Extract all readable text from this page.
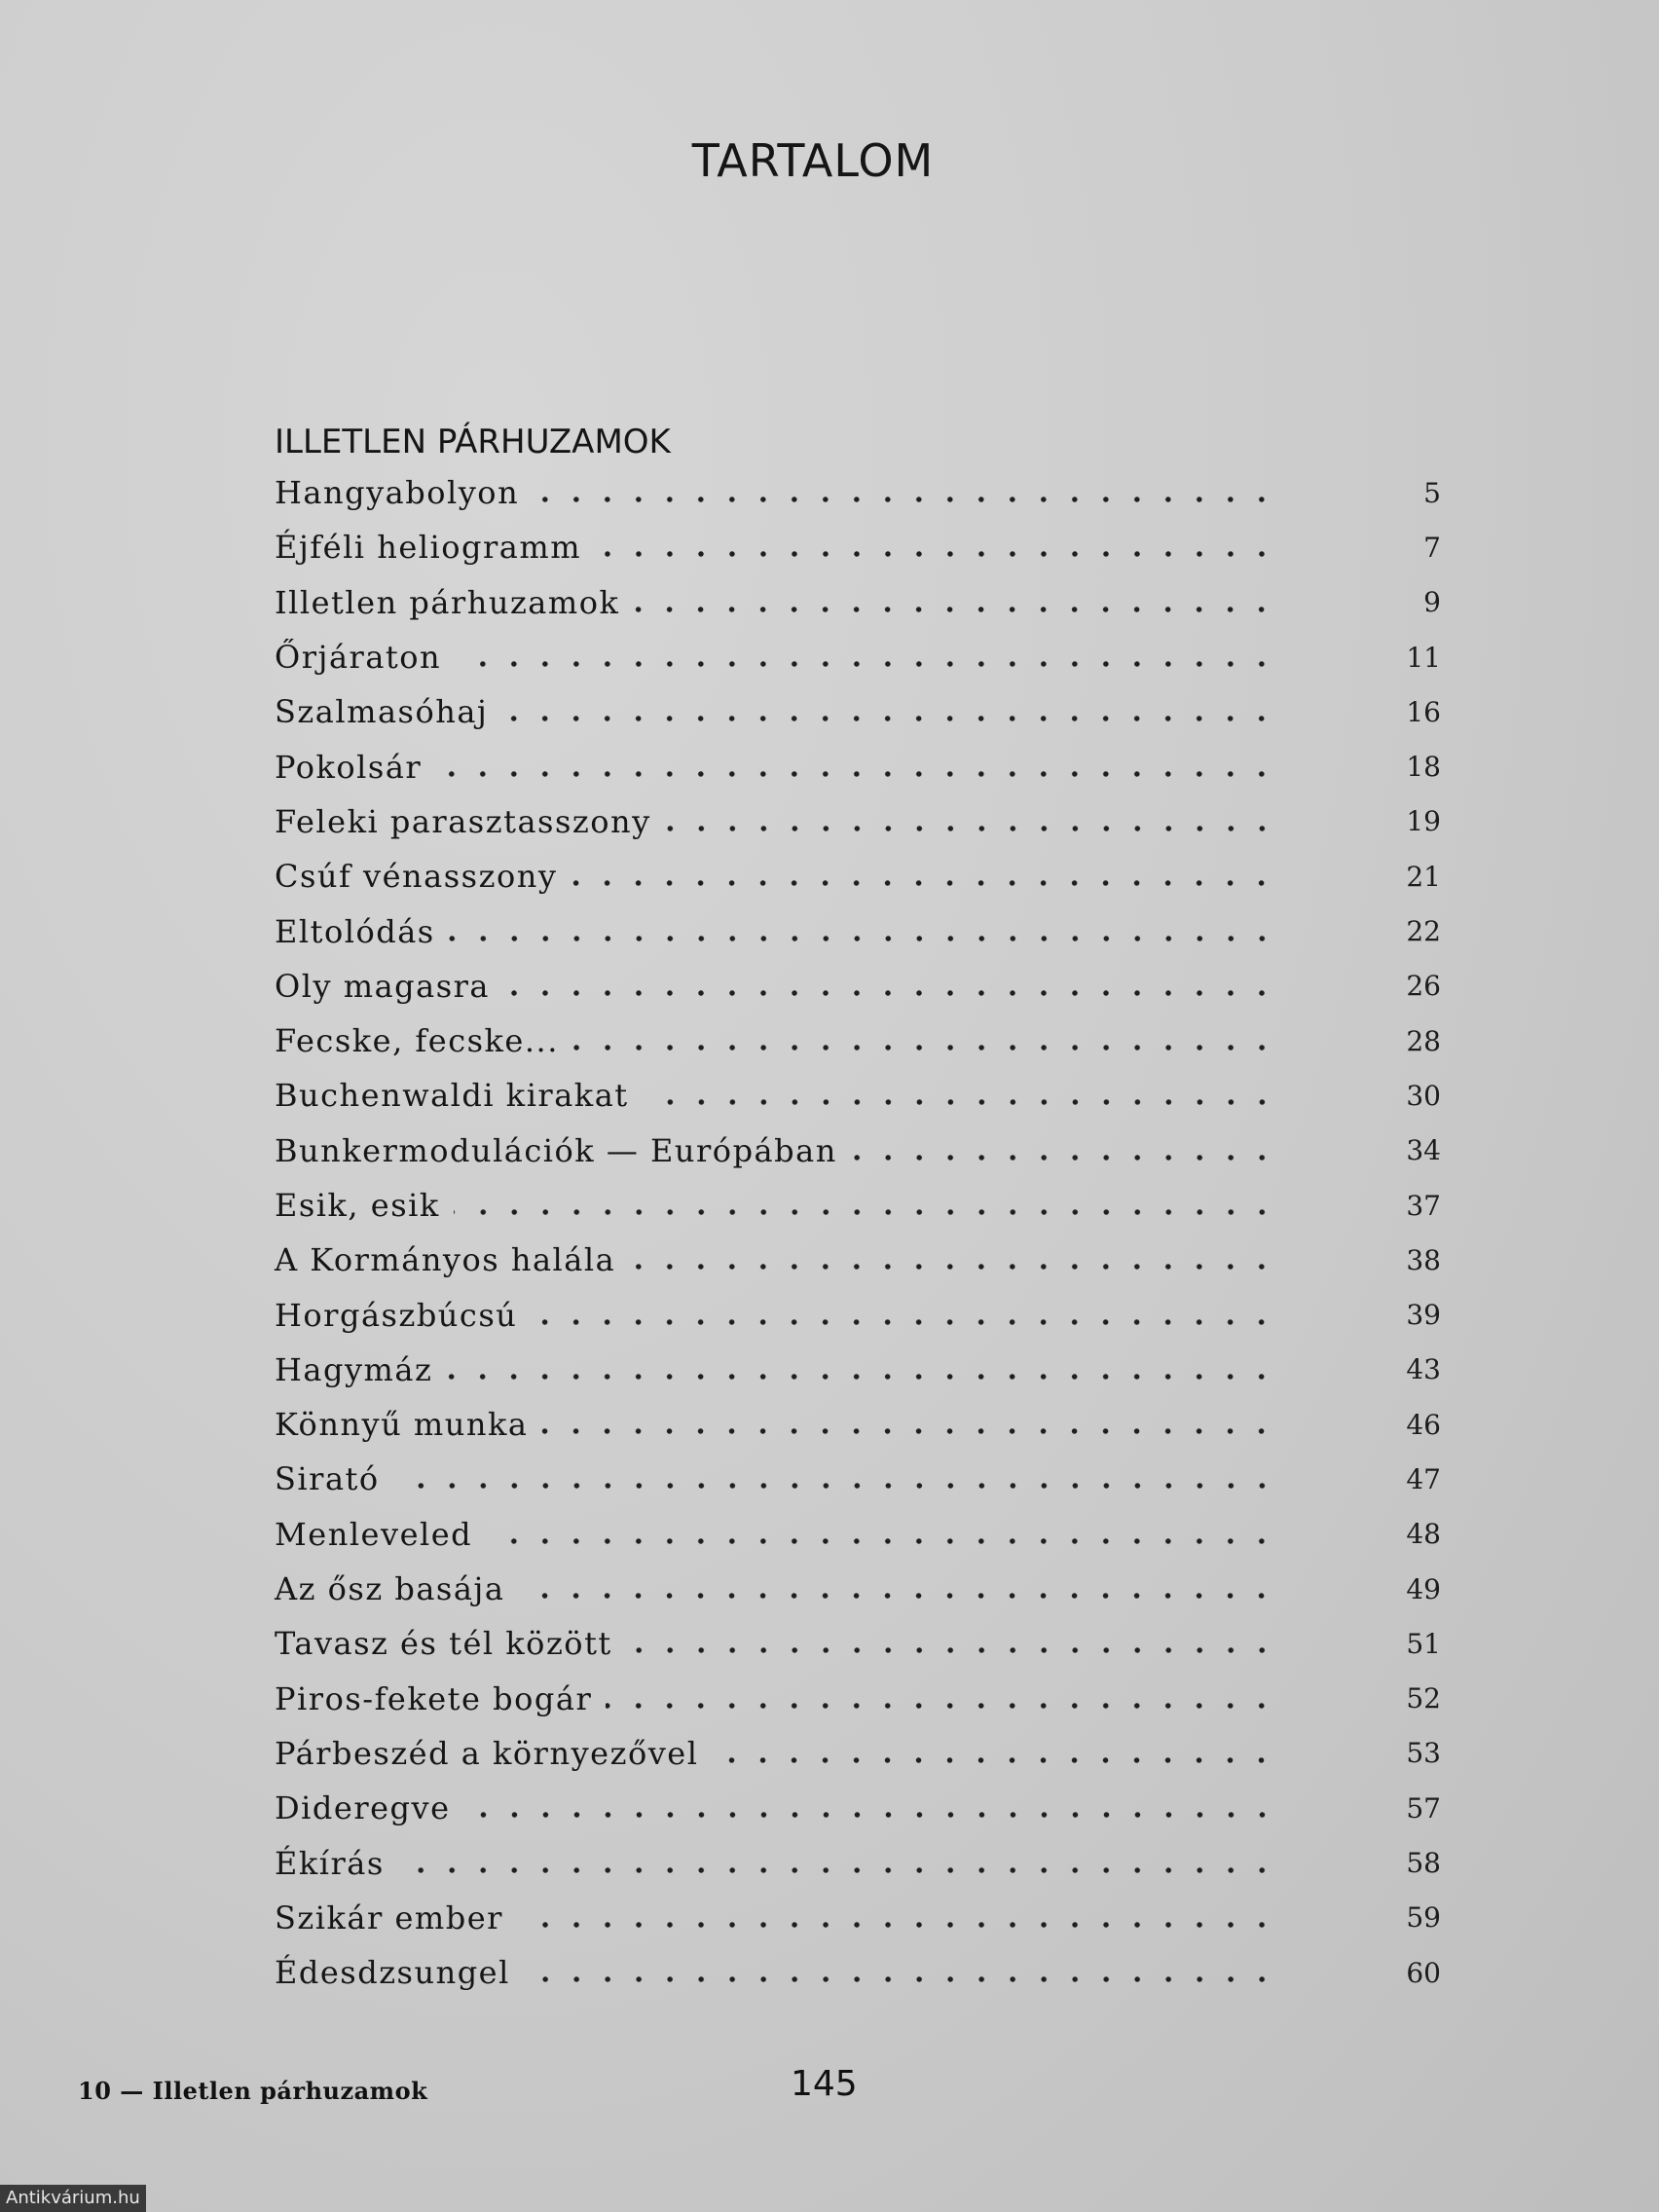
TARTALOM
ILLETLEN PÁRHUZAMOK
Hangyabolyon	5
Éjféli heliogramm	7
Illetlen párhuzamok	9
Őrjáraton	11
Szalmasóhaj	16
Pokolsár	18
Feleki parasztasszony	19
Csúf vénasszony	21
Eltolódás	22
Oly magasra	26
Fecske, fecske...	28
Buchenwaldi kirakat	30
Bunkermodulációk — Európában	34
Esik, esik	37
A Kormányos halála	38
Horgászbúcsú	39
Hagymáz	43
Könnyű munka	46
Sirató	47
Menleveled	48
Az ősz basája	49
Tavasz és tél között	51
Piros-fekete bogár	52
Párbeszéd a környezővel	53
Dideregve	57
Ékírás	58
Szikár ember	59
Édesdzsungel	60
10 — Illetlen párhuzamok	145
Antikvárium.hu
